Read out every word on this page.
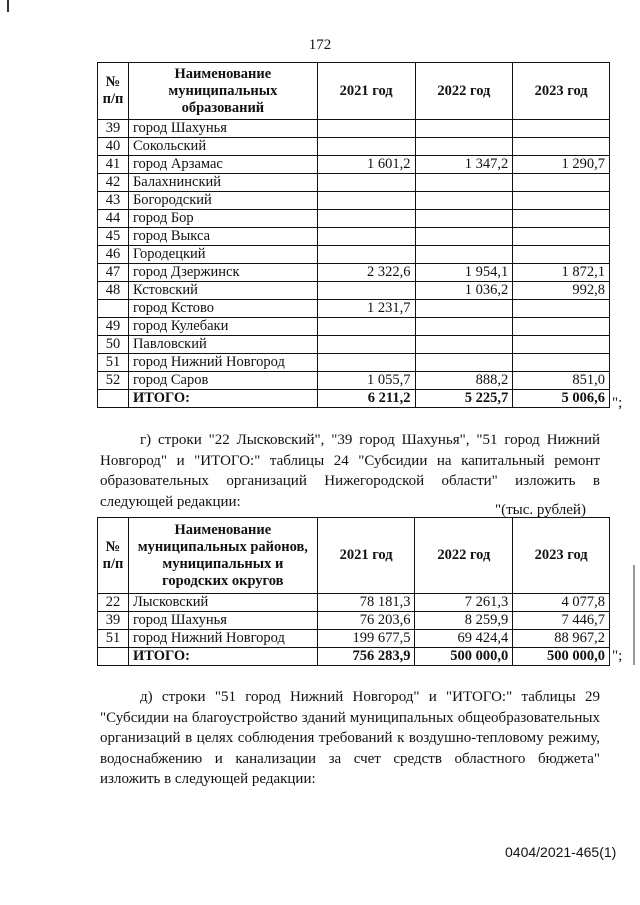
172
№ п/п	Наименование муниципальных образований	2021 год	2022 год	2023 год
39	город Шахунья			
40	Сокольский			
41	город Арзамас	1 601,2	1 347,2	1 290,7
42	Балахнинский			
43	Богородский			
44	город Бор			
45	город Выкса			
46	Городецкий			
47	город Дзержинск	2 322,6	1 954,1	1 872,1
48	Кстовский		1 036,2	992,8
	город Кстово	1 231,7		
49	город Кулебаки			
50	Павловский			
51	город Нижний Новгород			
52	город Саров	1 055,7	888,2	851,0
	ИТОГО:	6 211,2	5 225,7	5 006,6 ";
г) строки "22 Лысковский", "39 город Шахунья", "51 город Нижний Новгород" и "ИТОГО:" таблицы 24 "Субсидии на капитальный ремонт образовательных организаций Нижегородской области" изложить в следующей редакции:
"(тыс. рублей)
№ п/п	Наименование муниципальных районов, муниципальных и городских округов	2021 год	2022 год	2023 год
22	Лысковский	78 181,3	7 261,3	4 077,8
39	город Шахунья	76 203,6	8 259,9	7 446,7
51	город Нижний Новгород	199 677,5	69 424,4	88 967,2
	ИТОГО:	756 283,9	500 000,0	500 000,0 ";
д) строки "51 город Нижний Новгород" и "ИТОГО:" таблицы 29 "Субсидии на благоустройство зданий муниципальных общеобразовательных организаций в целях соблюдения требований к воздушно-тепловому режиму, водоснабжению и канализации за счет средств областного бюджета" изложить в следующей редакции:
0404/2021-465(1)
